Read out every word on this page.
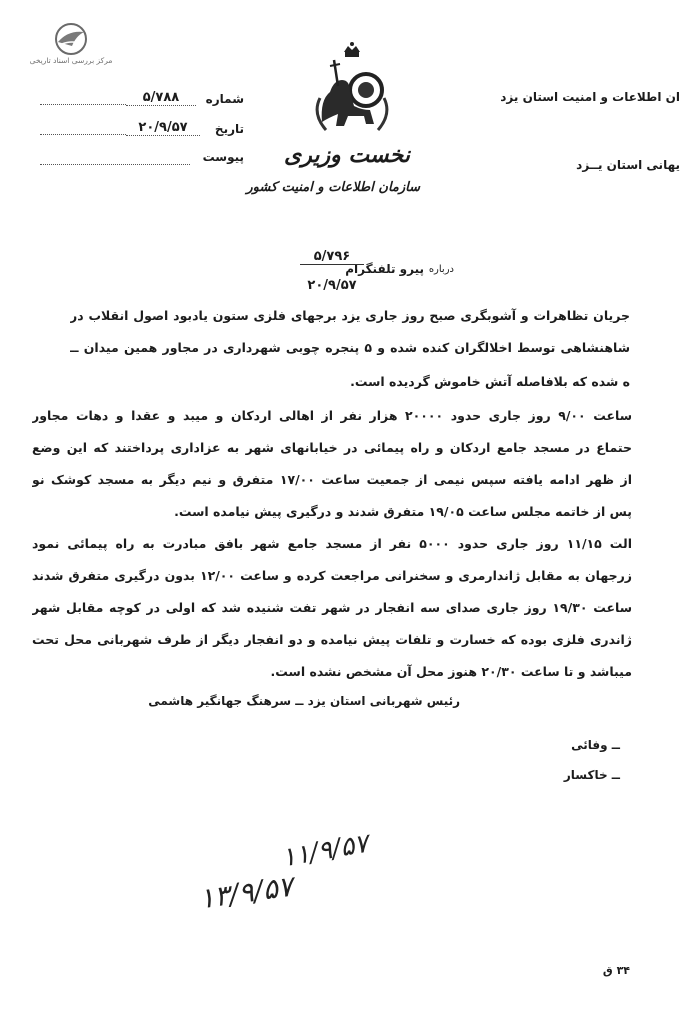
مرکز بررسی اسناد تاریخی
نخست وزیری
سازمان اطلاعات و امنیت کشور
ان اطلاعات و امنیت استان یزد
یهانی استان یــزد
شماره
۵/۷۸۸
تاریخ
۲۰/۹/۵۷
پیوست
درباره
پیرو تلفنگرام
۵/۷۹۶
۲۰/۹/۵۷
جریان تظاهرات و آشوبگری صبح روز جاری یزد برجهای فلزی ستون یادبود اصول انقلاب در
شاهنشاهی توسط اخلالگران کنده شده و ۵ پنجره چوبی شهرداری در مجاور همین میدان ــ
ه شده که بلافاصله آتش خاموش گردیده است.
ساعت ۹/۰۰ روز جاری حدود ۲۰۰۰۰ هزار نفر از اهالی اردکان و میبد و عقدا و دهات مجاور
حتماع در مسجد جامع اردکان و راه پیمائی در خیابانهای شهر به عزاداری پرداختند که این وضع
از ظهر ادامه یافته سپس نیمی از جمعیت ساعت ۱۷/۰۰ متفرق و نیم دیگر به مسجد کوشک نو
پس از خاتمه مجلس ساعت ۱۹/۰۵ متفرق شدند و درگیری پیش نیامده است.
الت ۱۱/۱۵ روز جاری حدود ۵۰۰۰ نفر از مسجد جامع شهر بافق مبادرت به راه پیمائی نمود
زرجهان به مقابل ژاندارمری و سخنرانی مراجعت کرده و ساعت ۱۲/۰۰ بدون درگیری متفرق شدند
ساعت ۱۹/۳۰ روز جاری صدای سه انفجار در شهر تفت شنیده شد که اولی در کوچه مقابل شهر
ژاندری فلزی بوده که خسارت و تلفات پیش نیامده و دو انفجار دیگر از طرف شهربانی محل تحت
میباشد و تا ساعت ۲۰/۳۰ هنوز محل آن مشخص نشده است.
رئیس شهربانی استان یزد ــ سرهنگ جهانگیر هاشمی
ــ وفائی
ــ خاکسار
۱۱/۹/۵۷
۱۳/۹/۵۷
۳۴ ق
